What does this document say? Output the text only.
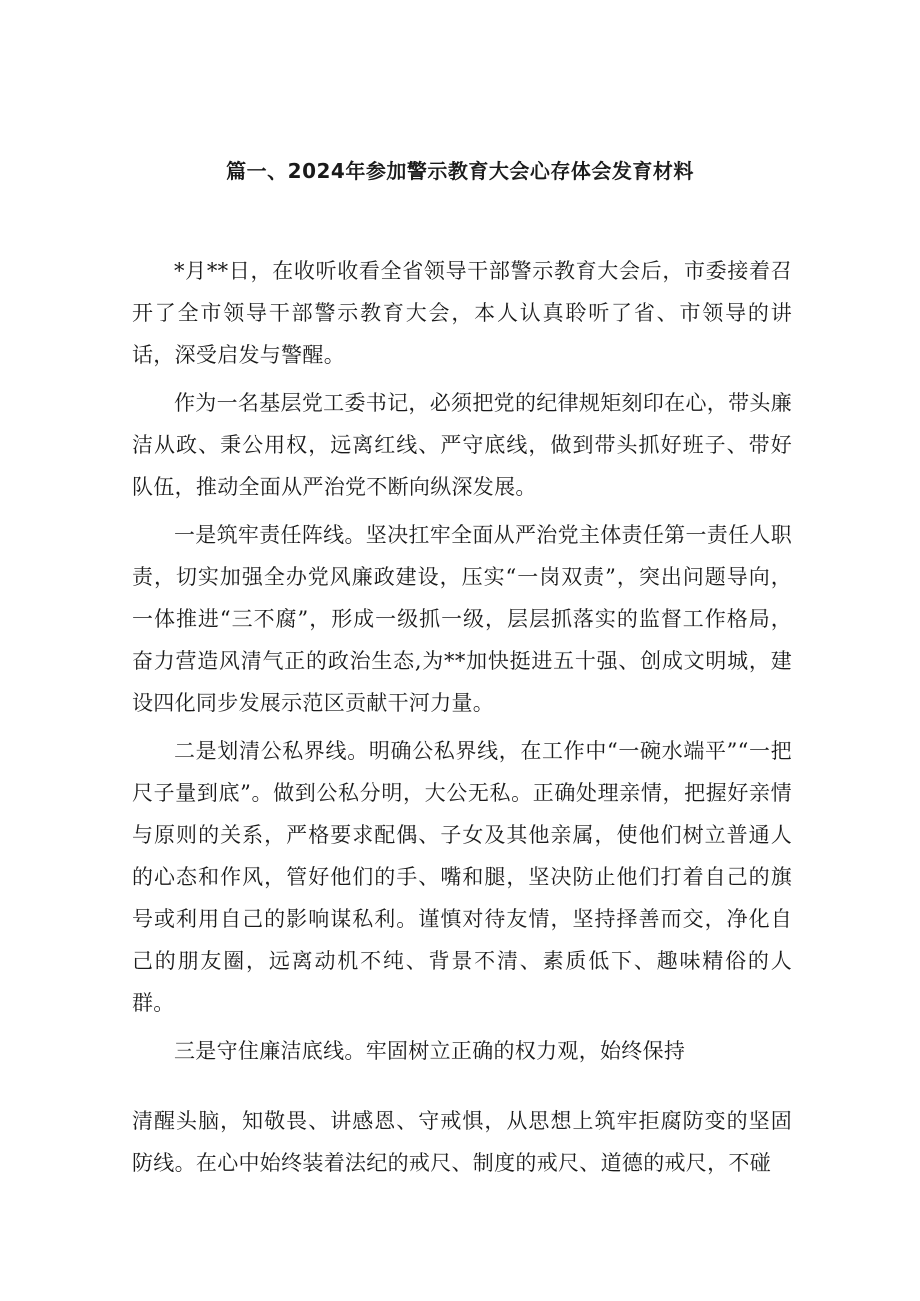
篇一、2024年参加警示教育大会心存体会发育材料

*月**日，在收听收看全省领导干部警示教育大会后，市委接着召开了全市领导干部警示教育大会，本人认真聆听了省、市领导的讲话，深受启发与警醒。

作为一名基层党工委书记，必须把党的纪律规矩刻印在心，带头廉洁从政、秉公用权，远离红线、严守底线，做到带头抓好班子、带好队伍，推动全面从严治党不断向纵深发展。

一是筑牢责任阵线。坚决扛牢全面从严治党主体责任第一责任人职责，切实加强全办党风廉政建设，压实“一岗双责”，突出问题导向，一体推进“三不腐”，形成一级抓一级，层层抓落实的监督工作格局，奋力营造风清气正的政治生态,为**加快挺进五十强、创成文明城，建设四化同步发展示范区贡献干河力量。

二是划清公私界线。明确公私界线，在工作中“一碗水端平”“一把尺子量到底”。做到公私分明，大公无私。正确处理亲情，把握好亲情与原则的关系，严格要求配偶、子女及其他亲属，使他们树立普通人的心态和作风，管好他们的手、嘴和腿，坚决防止他们打着自己的旗号或利用自己的影响谋私利。谨慎对待友情，坚持择善而交，净化自己的朋友圈，远离动机不纯、背景不清、素质低下、趣味精俗的人群。

三是守住廉洁底线。牢固树立正确的权力观，始终保持

清醒头脑，知敬畏、讲感恩、守戒惧，从思想上筑牢拒腐防变的坚固防线。在心中始终装着法纪的戒尺、制度的戒尺、道德的戒尺，不碰
